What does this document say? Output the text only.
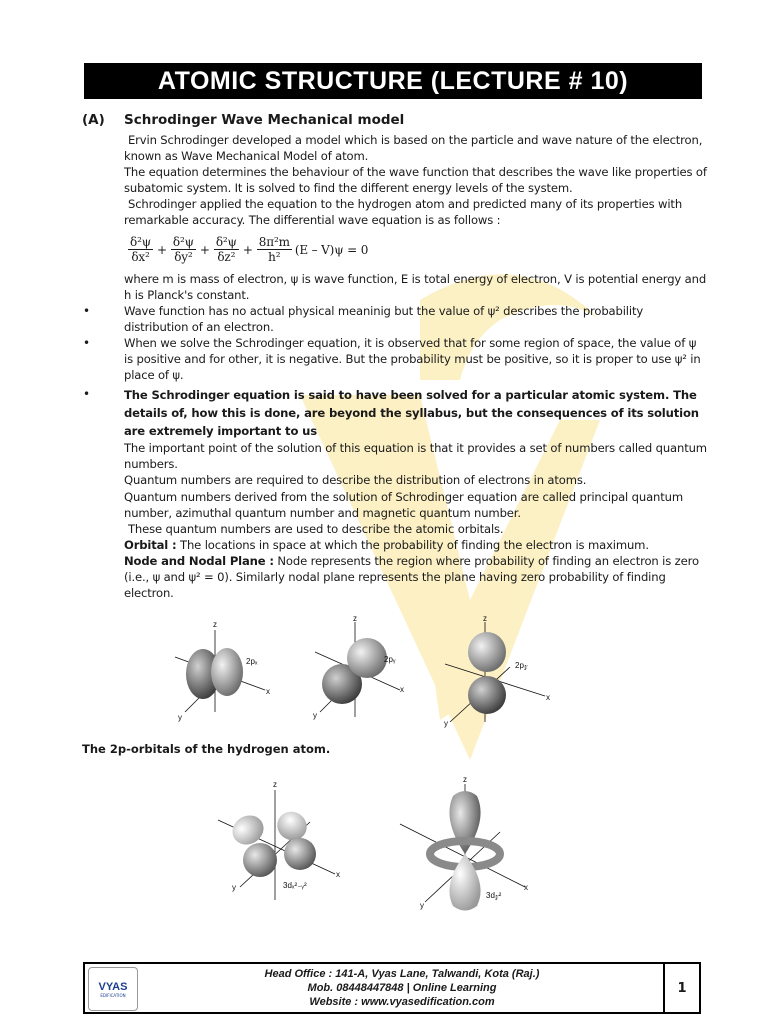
ATOMIC STRUCTURE (LECTURE # 10)
(A) Schrodinger Wave Mechanical model

Ervin Schrodinger developed a model which is based on the particle and wave nature of the electron, known as Wave Mechanical Model of atom.

The equation determines the behaviour of the wave function that describes the wave like properties of subatomic system. It is solved to find the different energy levels of the system.

Schrodinger applied the equation to the hydrogen atom and predicted many of its properties with remarkable accuracy. The differential wave equation is as follows :

$\frac{\text{δ²ψ}}{\text{δx²}} + \frac{\text{δ²ψ}}{\text{δy²}} + \frac{\text{δ²ψ}}{\text{δz²}} + \frac{\text{8π²m}}{\text{h²}} (E - V)\psi = 0$

where m is mass of electron, ψ is wave function, E is total energy of electron, V is potential energy and h is Planck's constant.

•	Wave function has no actual physical meaninig but the value of ψ² describes the probability distribution of an electron.

•	When we solve the Schrodinger equation, it is observed that for some region of space, the value of ψ is positive and for other, it is negative. But the probability must be positive, so it is proper to use ψ² in place of ψ.

•	The Schrodinger equation is said to have been solved for a particular atomic system. The details of, how this is done, are beyond the syllabus, but the consequences of its solution are extremely important to us

The important point of the solution of this equation is that it provides a set of numbers called quantum numbers.

Quantum numbers are required to describe the distribution of electrons in atoms.

Quantum numbers derived from the solution of Schrodinger equation are called principal quantum number, azimuthal quantum number and magnetic quantum number.

These quantum numbers are used to describe the atomic orbitals.

Orbital : The locations in space at which the probability of finding the electron is maximum.

Node and Nodal Plane : Node represents the region where probability of finding an electron is zero (i.e., ψ and ψ² = 0). Similarly nodal plane represents the plane having zero probability of finding electron.

z
x
y
2pₓ
z
x
y
2pᵧ
z
x
y
2p𝓏
The 2p-orbitals of the hydrogen atom.
z
x
y	3dₓ²₋ᵧ²
z
x
y
3d𝓏²
VYAS
EDIFICATION
Head Office : 141-A, Vyas Lane, Talwandi, Kota (Raj.)
Mob. 08448447848 | Online Learning
Website : www.vyasedification.com
1
